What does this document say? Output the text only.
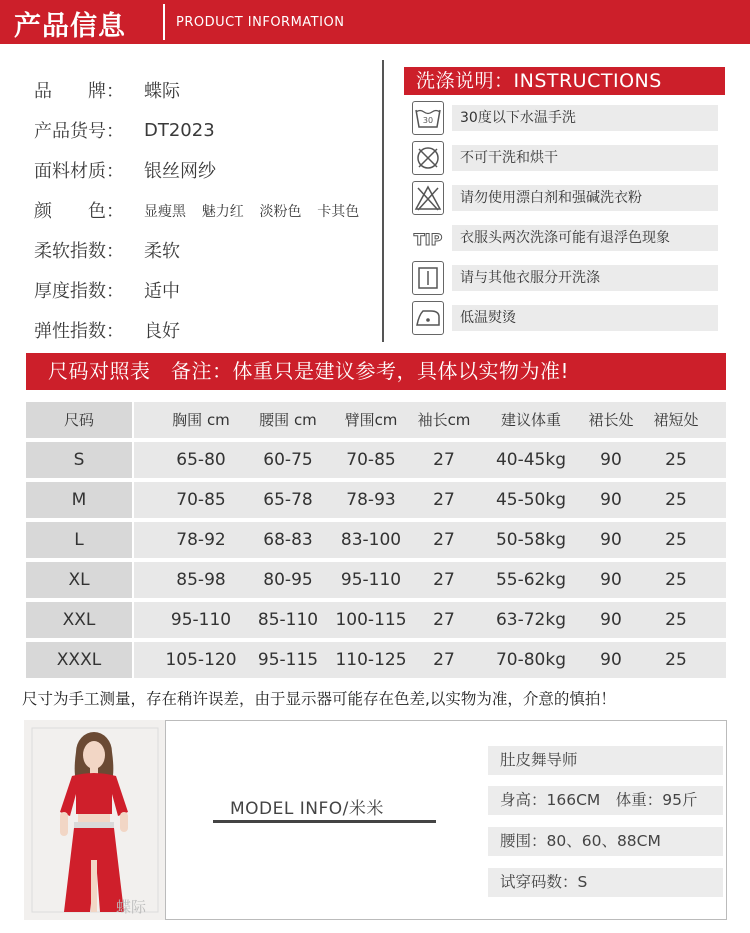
产品信息	PRODUCT INFORMATION
品　　牌：	蝶际
产品货号：	DT2023
面料材质：	银丝网纱
颜　　色：	显瘦黑 魅力红 淡粉色 卡其色
柔软指数：	柔软
厚度指数：	适中
弹性指数：	良好
洗涤说明：INSTRUCTIONS
30	30度以下水温手洗
不可干洗和烘干
请勿使用漂白剂和强碱洗衣粉
TIP	衣服头两次洗涤可能有退浮色现象
请与其他衣服分开洗涤
低温熨烫
尺码对照表　备注：体重只是建议参考，具体以实物为准!
尺码	胸围 cm	腰围 cm	臂围cm	袖长cm	建议体重	裙长处	裙短处
S	65-80	60-75	70-85	27	40-45kg	90	25
M	70-85	65-78	78-93	27	45-50kg	90	25
L	78-92	68-83	83-100	27	50-58kg	90	25
XL	85-98	80-95	95-110	27	55-62kg	90	25
XXL	95-110	85-110	100-115	27	63-72kg	90	25
XXXL	105-120	95-115	110-125	27	70-80kg	90	25
尺寸为手工测量，存在稍许误差，由于显示器可能存在色差,以实物为准，介意的慎拍！
蝶际
MODEL INFO/米米
肚皮舞导师
身高：166CM　体重：95斤
腰围：80、60、88CM
试穿码数：S
